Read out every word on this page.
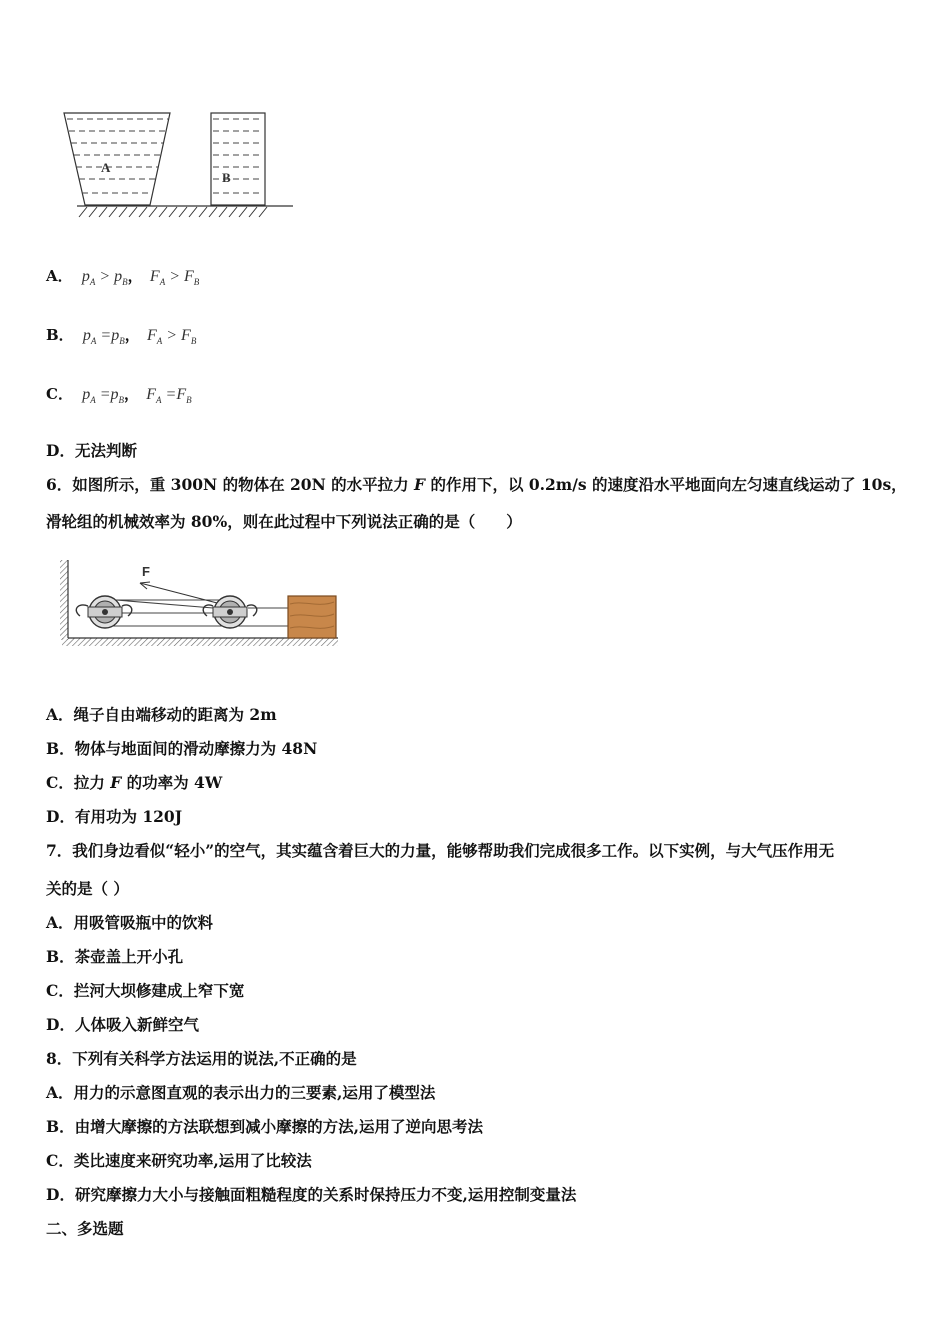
A
B
A． $p_A > p_B$， $F_A > F_B$
B． $p_A =p_B$， $F_A > F_B$
C． $p_A =p_B$， $F_A =F_B$
D．无法判断
6．如图所示，重 300N 的物体在 20N 的水平拉力 F 的作用下，以 0.2m/s 的速度沿水平地面向左匀速直线运动了 10s，
滑轮组的机械效率为 80%，则在此过程中下列说法正确的是（　　）
F
A．绳子自由端移动的距离为 2m
B．物体与地面间的滑动摩擦力为 48N
C．拉力 F 的功率为 4W
D．有用功为 120J
7．我们身边看似“轻小”的空气，其实蕴含着巨大的力量，能够帮助我们完成很多工作。以下实例，与大气压作用无
关的是（ ）
A．用吸管吸瓶中的饮料
B．茶壶盖上开小孔
C．拦河大坝修建成上窄下宽
D．人体吸入新鲜空气
8．下列有关科学方法运用的说法,不正确的是
A．用力的示意图直观的表示出力的三要素,运用了模型法
B．由增大摩擦的方法联想到减小摩擦的方法,运用了逆向思考法
C．类比速度来研究功率,运用了比较法
D．研究摩擦力大小与接触面粗糙程度的关系时保持压力不变,运用控制变量法
二、多选题
